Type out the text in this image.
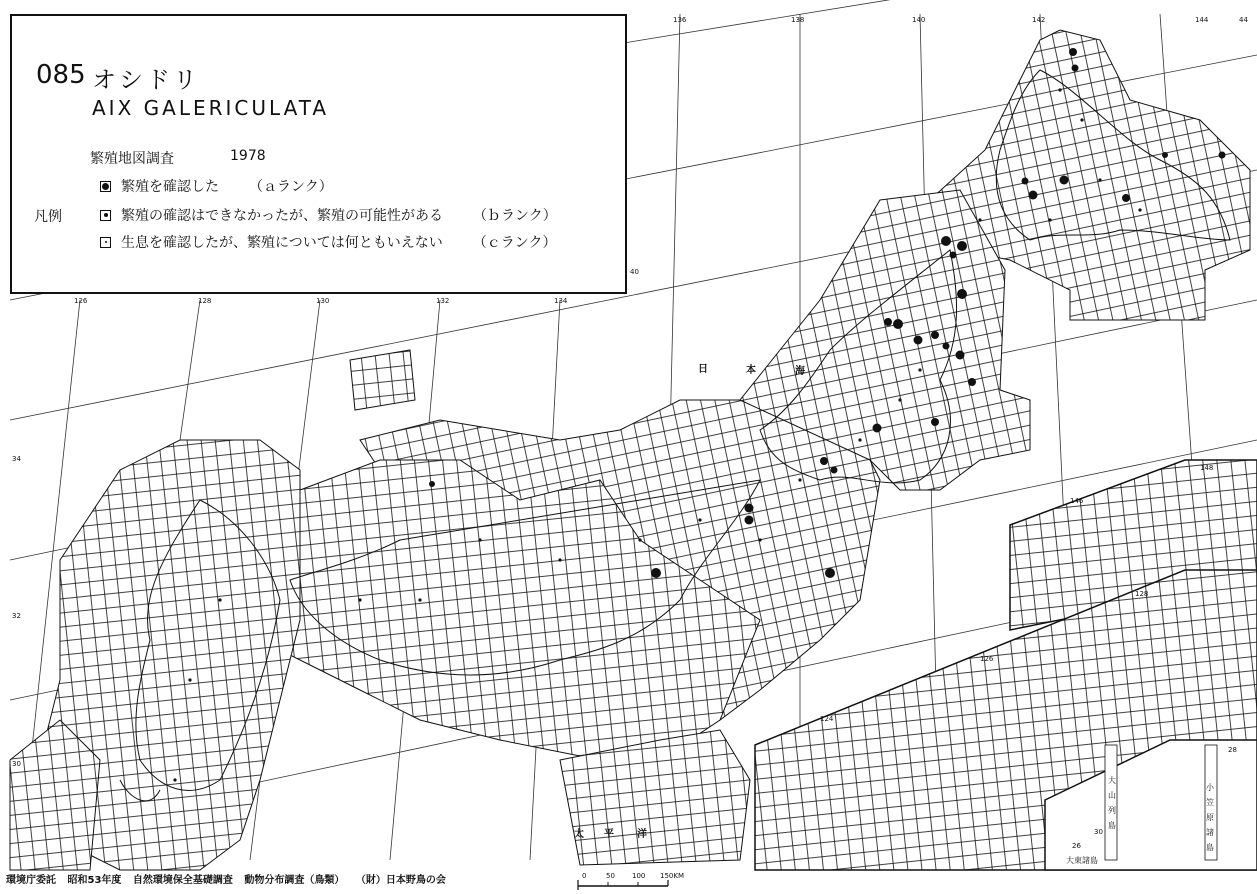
日	本	海
太 平 洋
126	128	130	132	134
136	138	140	142	144
34
32
30
40
44
146
148
124
126
128
26
28
30
小
笠
原
諸
島
大
山
列
島
大東諸島
085 オシドリ
AIX GALERICULATA
繁殖地図調査	1978
凡例
繁殖を確認した （ａランク）
繁殖の確認はできなかったが、繁殖の可能性がある （ｂランク）
生息を確認したが、繁殖については何ともいえない （ｃランク）
環境庁委託 昭和53年度 自然環境保全基礎調査 動物分布調査（鳥類） （財）日本野鳥の会	0	50 100 150KM
